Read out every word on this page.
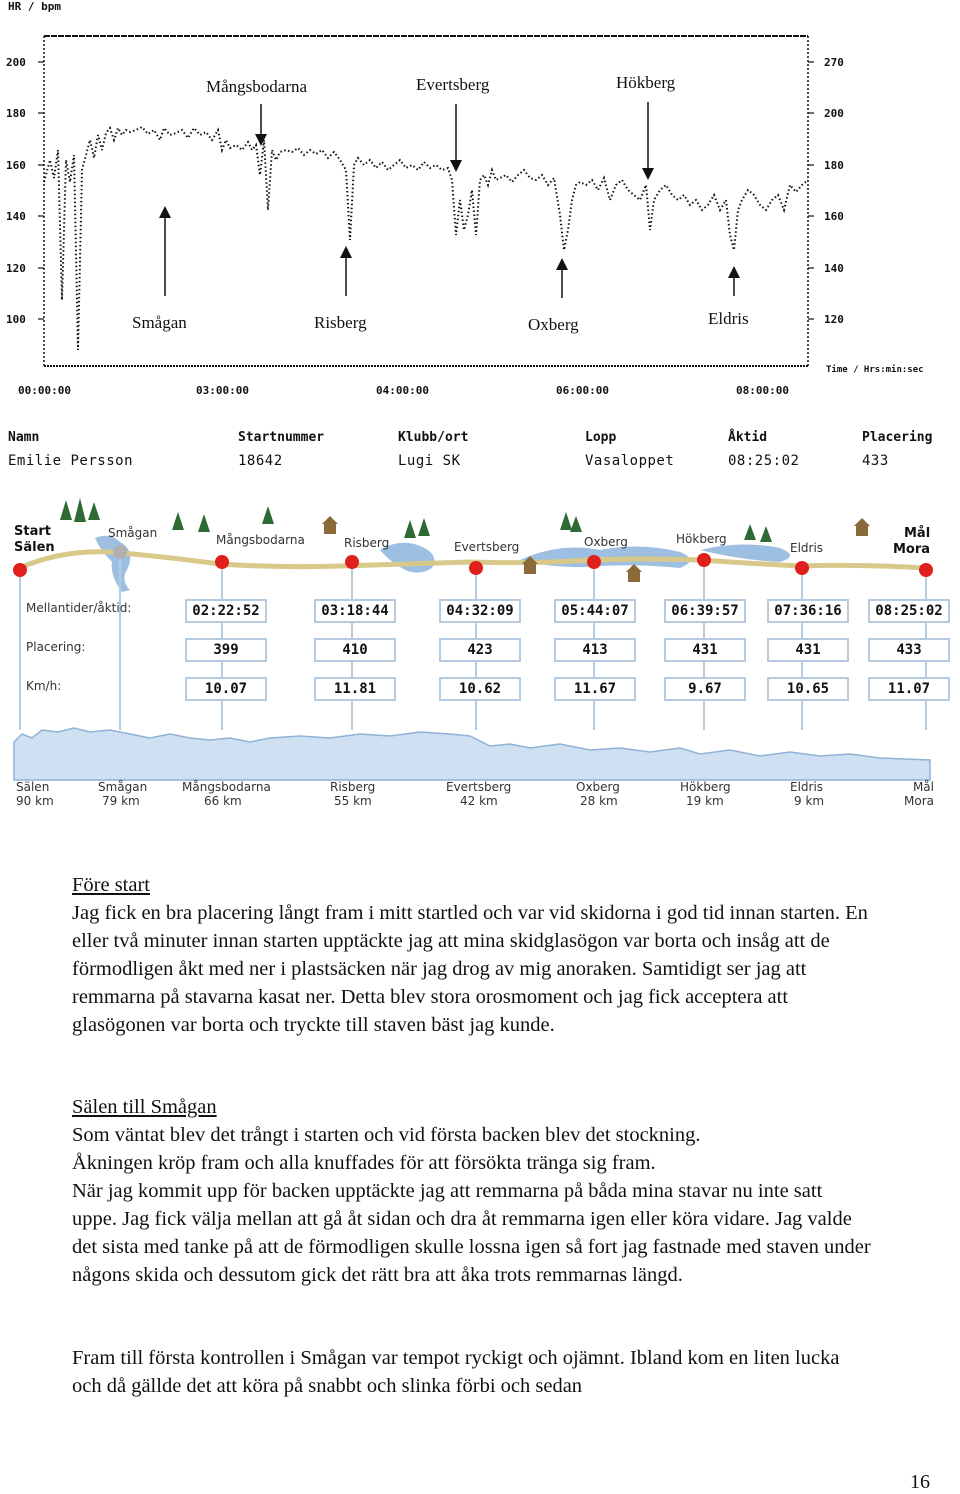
HR / bpm
200
180
160
140
120
100
270
200
180
160
140
120
Mångsbodarna	Evertsberg	Hökberg
Smågan	Risberg	Oxberg	Eldris
00:00:00	03:00:00	04:00:00	06:00:00	08:00:00
Time / Hrs:min:sec
Namn	Startnummer	Klubb/ort	Lopp	Åktid	Placering
Emilie Persson	18642	Lugi SK	Vasaloppet	08:25:02	433
Start
Sälen
Mål
Mora
Smågan	Mångsbodarna	Risberg	Evertsberg	Oxberg	Hökberg
Eldris
Mellantider/åktid:
Placering:
Km/h:
02:22:52	03:18:44	04:32:09	05:44:07	06:39:57	07:36:16	08:25:02
399	410	423	413	431	431	433
10.07	11.81	10.62	11.67	9.67	10.65	11.07
Sälen
90 km
Smågan
79 km
Mångsbodarna
66 km
Risberg
55 km
Evertsberg
42 km
Oxberg
28 km
Hökberg
19 km
Eldris
9 km
Mål
Mora
Före start
Jag fick en bra placering långt fram i mitt startled och var vid skidorna i god tid innan starten. En eller två minuter innan starten upptäckte jag att mina skidglasögon var borta och insåg att de förmodligen åkt med ner i plastsäcken när jag drog av mig anoraken. Samtidigt ser jag att remmarna på stavarna kasat ner. Detta blev stora orosmoment och jag fick acceptera att glasögonen var borta och tryckte till staven bäst jag kunde.
Sälen till Smågan
Som väntat blev det trångt i starten och vid första backen blev det stockning.
Åkningen kröp fram och alla knuffades för att försökta tränga sig fram.
När jag kommit upp för backen upptäckte jag att remmarna på båda mina stavar nu inte satt uppe. Jag fick välja mellan att gå åt sidan och dra åt remmarna igen eller köra vidare. Jag valde det sista med tanke på att de förmodligen skulle lossna igen så fort jag fastnade med staven under någons skida och dessutom gick det rätt bra att åka trots remmarnas längd.
Fram till första kontrollen i Smågan var tempot ryckigt och ojämnt. Ibland kom en liten lucka och då gällde det att köra på snabbt och slinka förbi och sedan
16
